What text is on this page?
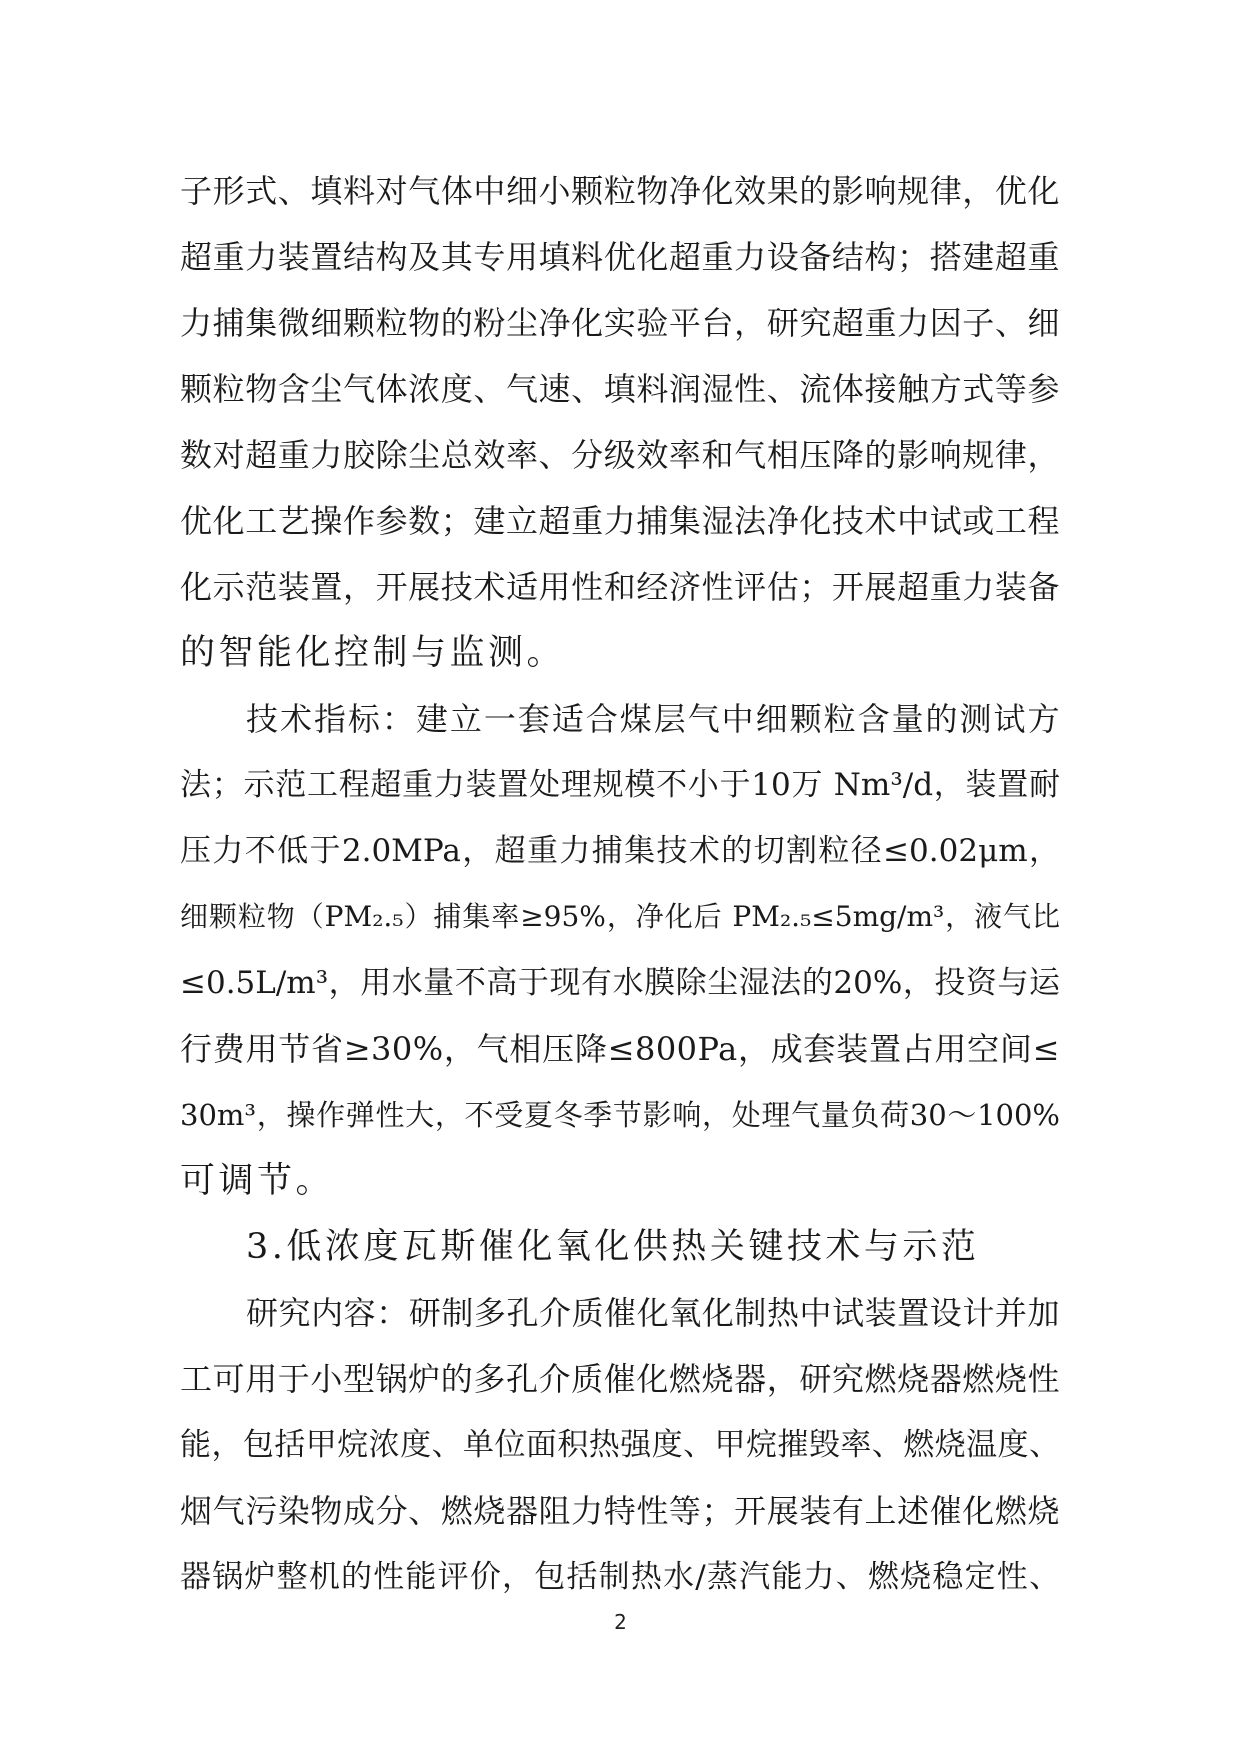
子形式、填料对气体中细小颗粒物净化效果的影响规律，优化
超重力装置结构及其专用填料优化超重力设备结构；搭建超重
力捕集微细颗粒物的粉尘净化实验平台，研究超重力因子、细
颗粒物含尘气体浓度、气速、填料润湿性、流体接触方式等参
数对超重力胶除尘总效率、分级效率和气相压降的影响规律，
优化工艺操作参数；建立超重力捕集湿法净化技术中试或工程
化示范装置，开展技术适用性和经济性评估；开展超重力装备
的智能化控制与监测。
技术指标：建立一套适合煤层气中细颗粒含量的测试方
法；示范工程超重力装置处理规模不小于10万 Nm³/d，装置耐
压力不低于2.0MPa，超重力捕集技术的切割粒径≤0.02μm，
细颗粒物（PM₂.₅）捕集率≥95%，净化后 PM₂.₅≤5mg/m³，液气比
≤0.5L/m³，用水量不高于现有水膜除尘湿法的20%，投资与运
行费用节省≥30%，气相压降≤800Pa，成套装置占用空间≤
30m³，操作弹性大，不受夏冬季节影响，处理气量负荷30～100%
可调节。
3.低浓度瓦斯催化氧化供热关键技术与示范
研究内容：研制多孔介质催化氧化制热中试装置设计并加
工可用于小型锅炉的多孔介质催化燃烧器，研究燃烧器燃烧性
能，包括甲烷浓度、单位面积热强度、甲烷摧毁率、燃烧温度、
烟气污染物成分、燃烧器阻力特性等；开展装有上述催化燃烧
器锅炉整机的性能评价，包括制热水/蒸汽能力、燃烧稳定性、
2
